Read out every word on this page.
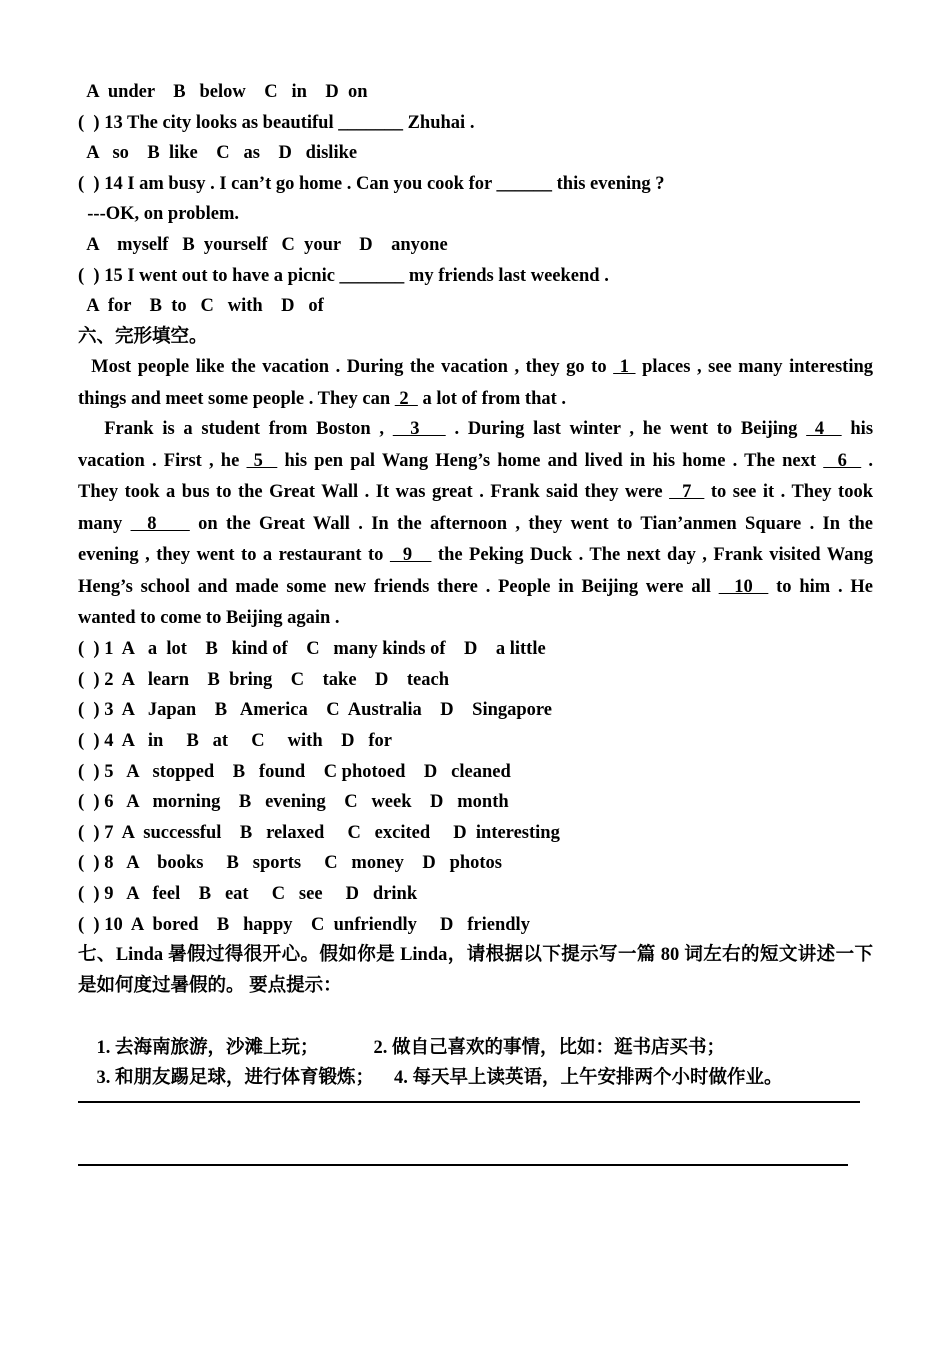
A  under    B   below    C   in    D  on
(  ) 13 The city looks as beautiful _______ Zhuhai .
A   so    B  like    C   as    D   dislike
(  ) 14 I am busy . I can’t go home . Can you cook for ______ this evening ?
---OK, on problem.
A    myself   B  yourself   C  your    D    anyone
(  ) 15 I went out to have a picnic _______ my friends last weekend .
A  for    B  to   C   with    D   of
六、完形填空。
Most people like the vacation . During the vacation , they go to  1  places , see many interesting
things and meet some people . They can  2   a lot of from that .
Frank is a student from Boston ,   3    . During last winter , he went to Beijing  4   his
vacation . First , he  5   his pen pal Wang Heng’s home and lived in his home . The next   6   .
They took a bus to the Great Wall . It was great . Frank said they were   7   to see it . They took
many   8     on the Great Wall . In the afternoon , they went to Tian’anmen Square . In the
evening , they went to a restaurant to   9    the Peking Duck . The next day , Frank visited Wang
Heng’s school and made some new friends there . People in Beijing were all   10   to him . He
wanted to come to Beijing again .
(  ) 1  A   a  lot    B   kind of    C   many kinds of    D    a little
(  ) 2  A   learn    B  bring    C    take    D    teach
(  ) 3  A   Japan    B   America    C  Australia    D    Singapore
(  ) 4  A   in     B   at     C     with    D   for
(  ) 5   A   stopped    B   found    C photoed    D   cleaned
(  ) 6   A   morning    B   evening    C   week    D   month
(  ) 7  A  successful    B   relaxed     C   excited     D  interesting
(  ) 8   A    books     B   sports     C   money    D   photos
(  ) 9   A   feel    B   eat     C   see     D   drink
(  ) 10  A  bored    B   happy    C  unfriendly     D   friendly
七、Linda 暑假过得很开心。假如你是 Linda，请根据以下提示写一篇 80 词左右的短文讲述一下
是如何度过暑假的。 要点提示：

1. 去海南旅游，沙滩上玩；	2. 做自己喜欢的事情，比如：逛书店买书；

3. 和朋友踢足球，进行体育锻炼； 4. 每天早上读英语，上午安排两个小时做作业。
